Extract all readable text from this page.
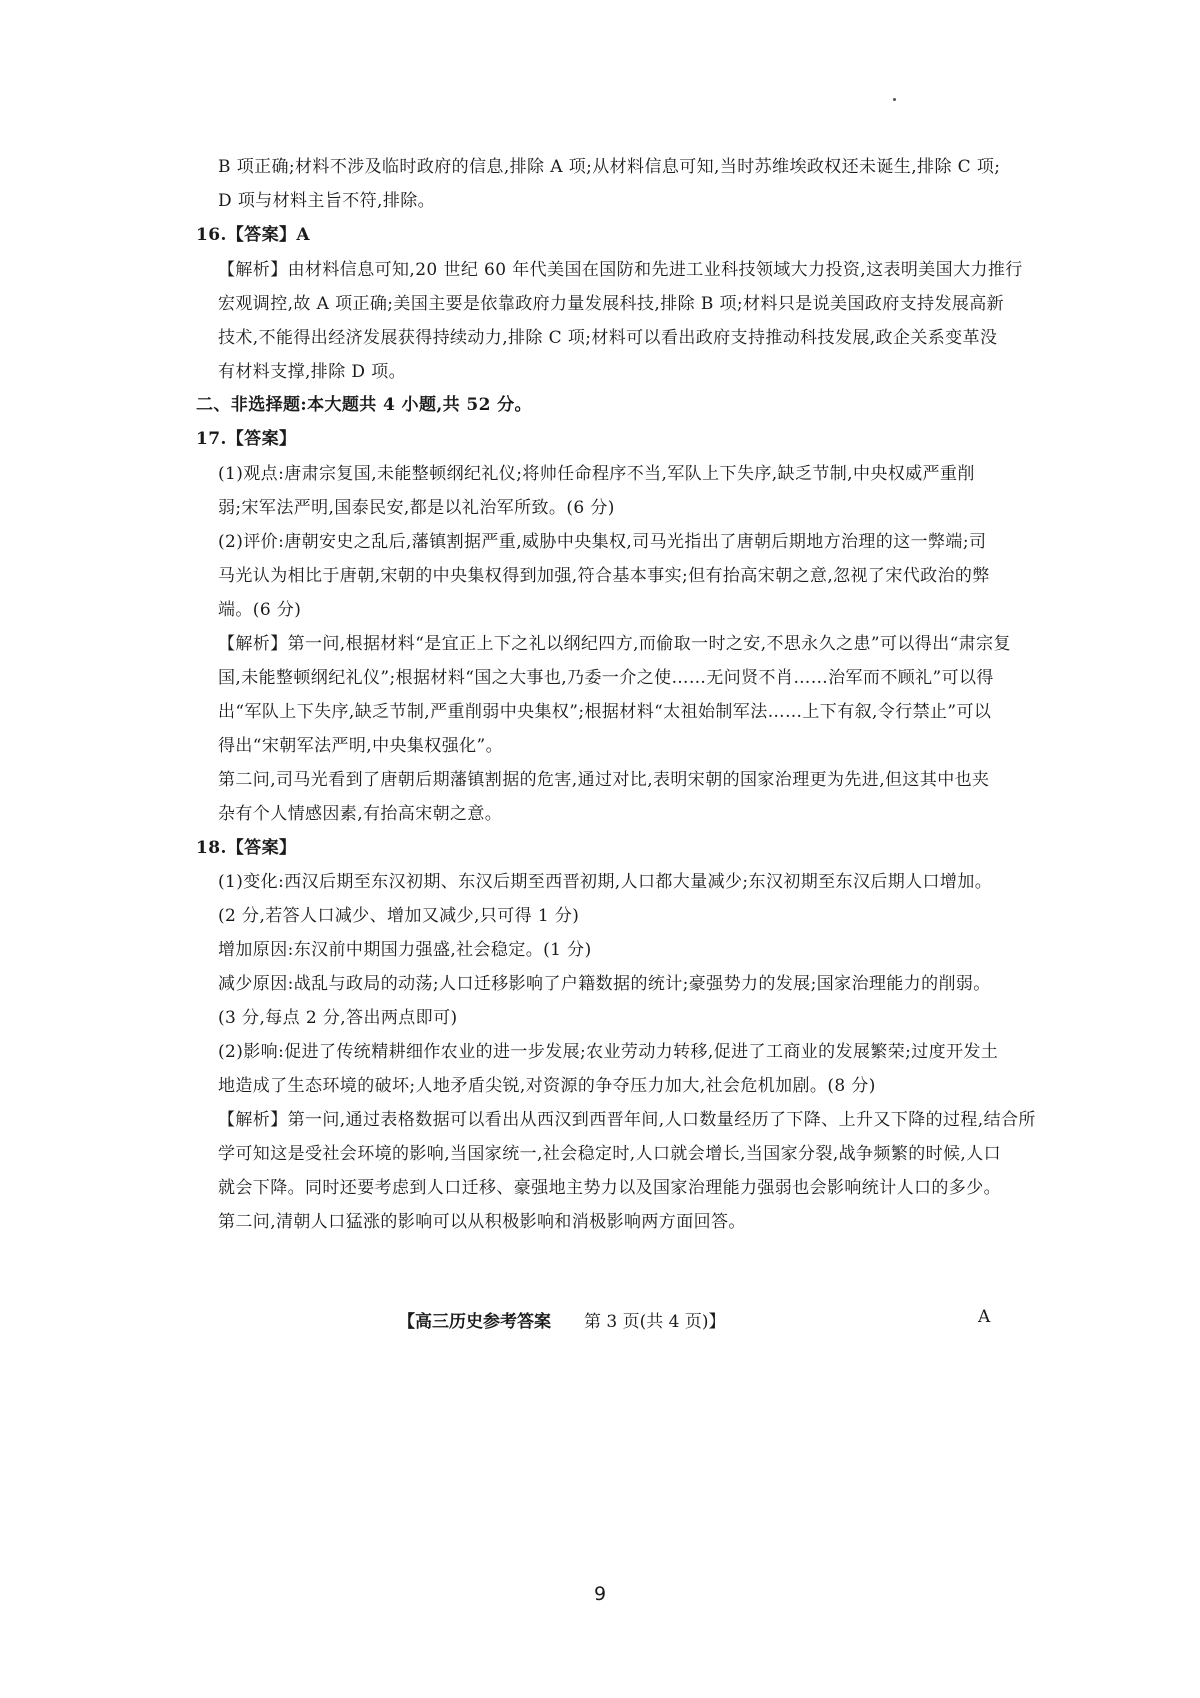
B 项正确;材料不涉及临时政府的信息,排除 A 项;从材料信息可知,当时苏维埃政权还未诞生,排除 C 项;
D 项与材料主旨不符,排除。
16.【答案】A
【解析】由材料信息可知,20 世纪 60 年代美国在国防和先进工业科技领域大力投资,这表明美国大力推行
宏观调控,故 A 项正确;美国主要是依靠政府力量发展科技,排除 B 项;材料只是说美国政府支持发展高新
技术,不能得出经济发展获得持续动力,排除 C 项;材料可以看出政府支持推动科技发展,政企关系变革没
有材料支撑,排除 D 项。
二、非选择题:本大题共 4 小题,共 52 分。
17.【答案】
(1)观点:唐肃宗复国,未能整顿纲纪礼仪;将帅任命程序不当,军队上下失序,缺乏节制,中央权威严重削
弱;宋军法严明,国泰民安,都是以礼治军所致。(6 分)
(2)评价:唐朝安史之乱后,藩镇割据严重,威胁中央集权,司马光指出了唐朝后期地方治理的这一弊端;司
马光认为相比于唐朝,宋朝的中央集权得到加强,符合基本事实;但有抬高宋朝之意,忽视了宋代政治的弊
端。(6 分)
【解析】第一问,根据材料“是宜正上下之礼以纲纪四方,而偷取一时之安,不思永久之患”可以得出“肃宗复
国,未能整顿纲纪礼仪”;根据材料“国之大事也,乃委一介之使……无问贤不肖……治军而不顾礼”可以得
出“军队上下失序,缺乏节制,严重削弱中央集权”;根据材料“太祖始制军法……上下有叙,令行禁止”可以
得出“宋朝军法严明,中央集权强化”。
第二问,司马光看到了唐朝后期藩镇割据的危害,通过对比,表明宋朝的国家治理更为先进,但这其中也夹
杂有个人情感因素,有抬高宋朝之意。
18.【答案】
(1)变化:西汉后期至东汉初期、东汉后期至西晋初期,人口都大量减少;东汉初期至东汉后期人口增加。
(2 分,若答人口减少、增加又减少,只可得 1 分)
增加原因:东汉前中期国力强盛,社会稳定。(1 分)
减少原因:战乱与政局的动荡;人口迁移影响了户籍数据的统计;豪强势力的发展;国家治理能力的削弱。
(3 分,每点 2 分,答出两点即可)
(2)影响:促进了传统精耕细作农业的进一步发展;农业劳动力转移,促进了工商业的发展繁荣;过度开发土
地造成了生态环境的破坏;人地矛盾尖锐,对资源的争夺压力加大,社会危机加剧。(8 分)
【解析】第一问,通过表格数据可以看出从西汉到西晋年间,人口数量经历了下降、上升又下降的过程,结合所
学可知这是受社会环境的影响,当国家统一,社会稳定时,人口就会增长,当国家分裂,战争频繁的时候,人口
就会下降。同时还要考虑到人口迁移、豪强地主势力以及国家治理能力强弱也会影响统计人口的多少。
第二问,清朝人口猛涨的影响可以从积极影响和消极影响两方面回答。
【高三历史参考答案 第 3 页(共 4 页)】	A
9
